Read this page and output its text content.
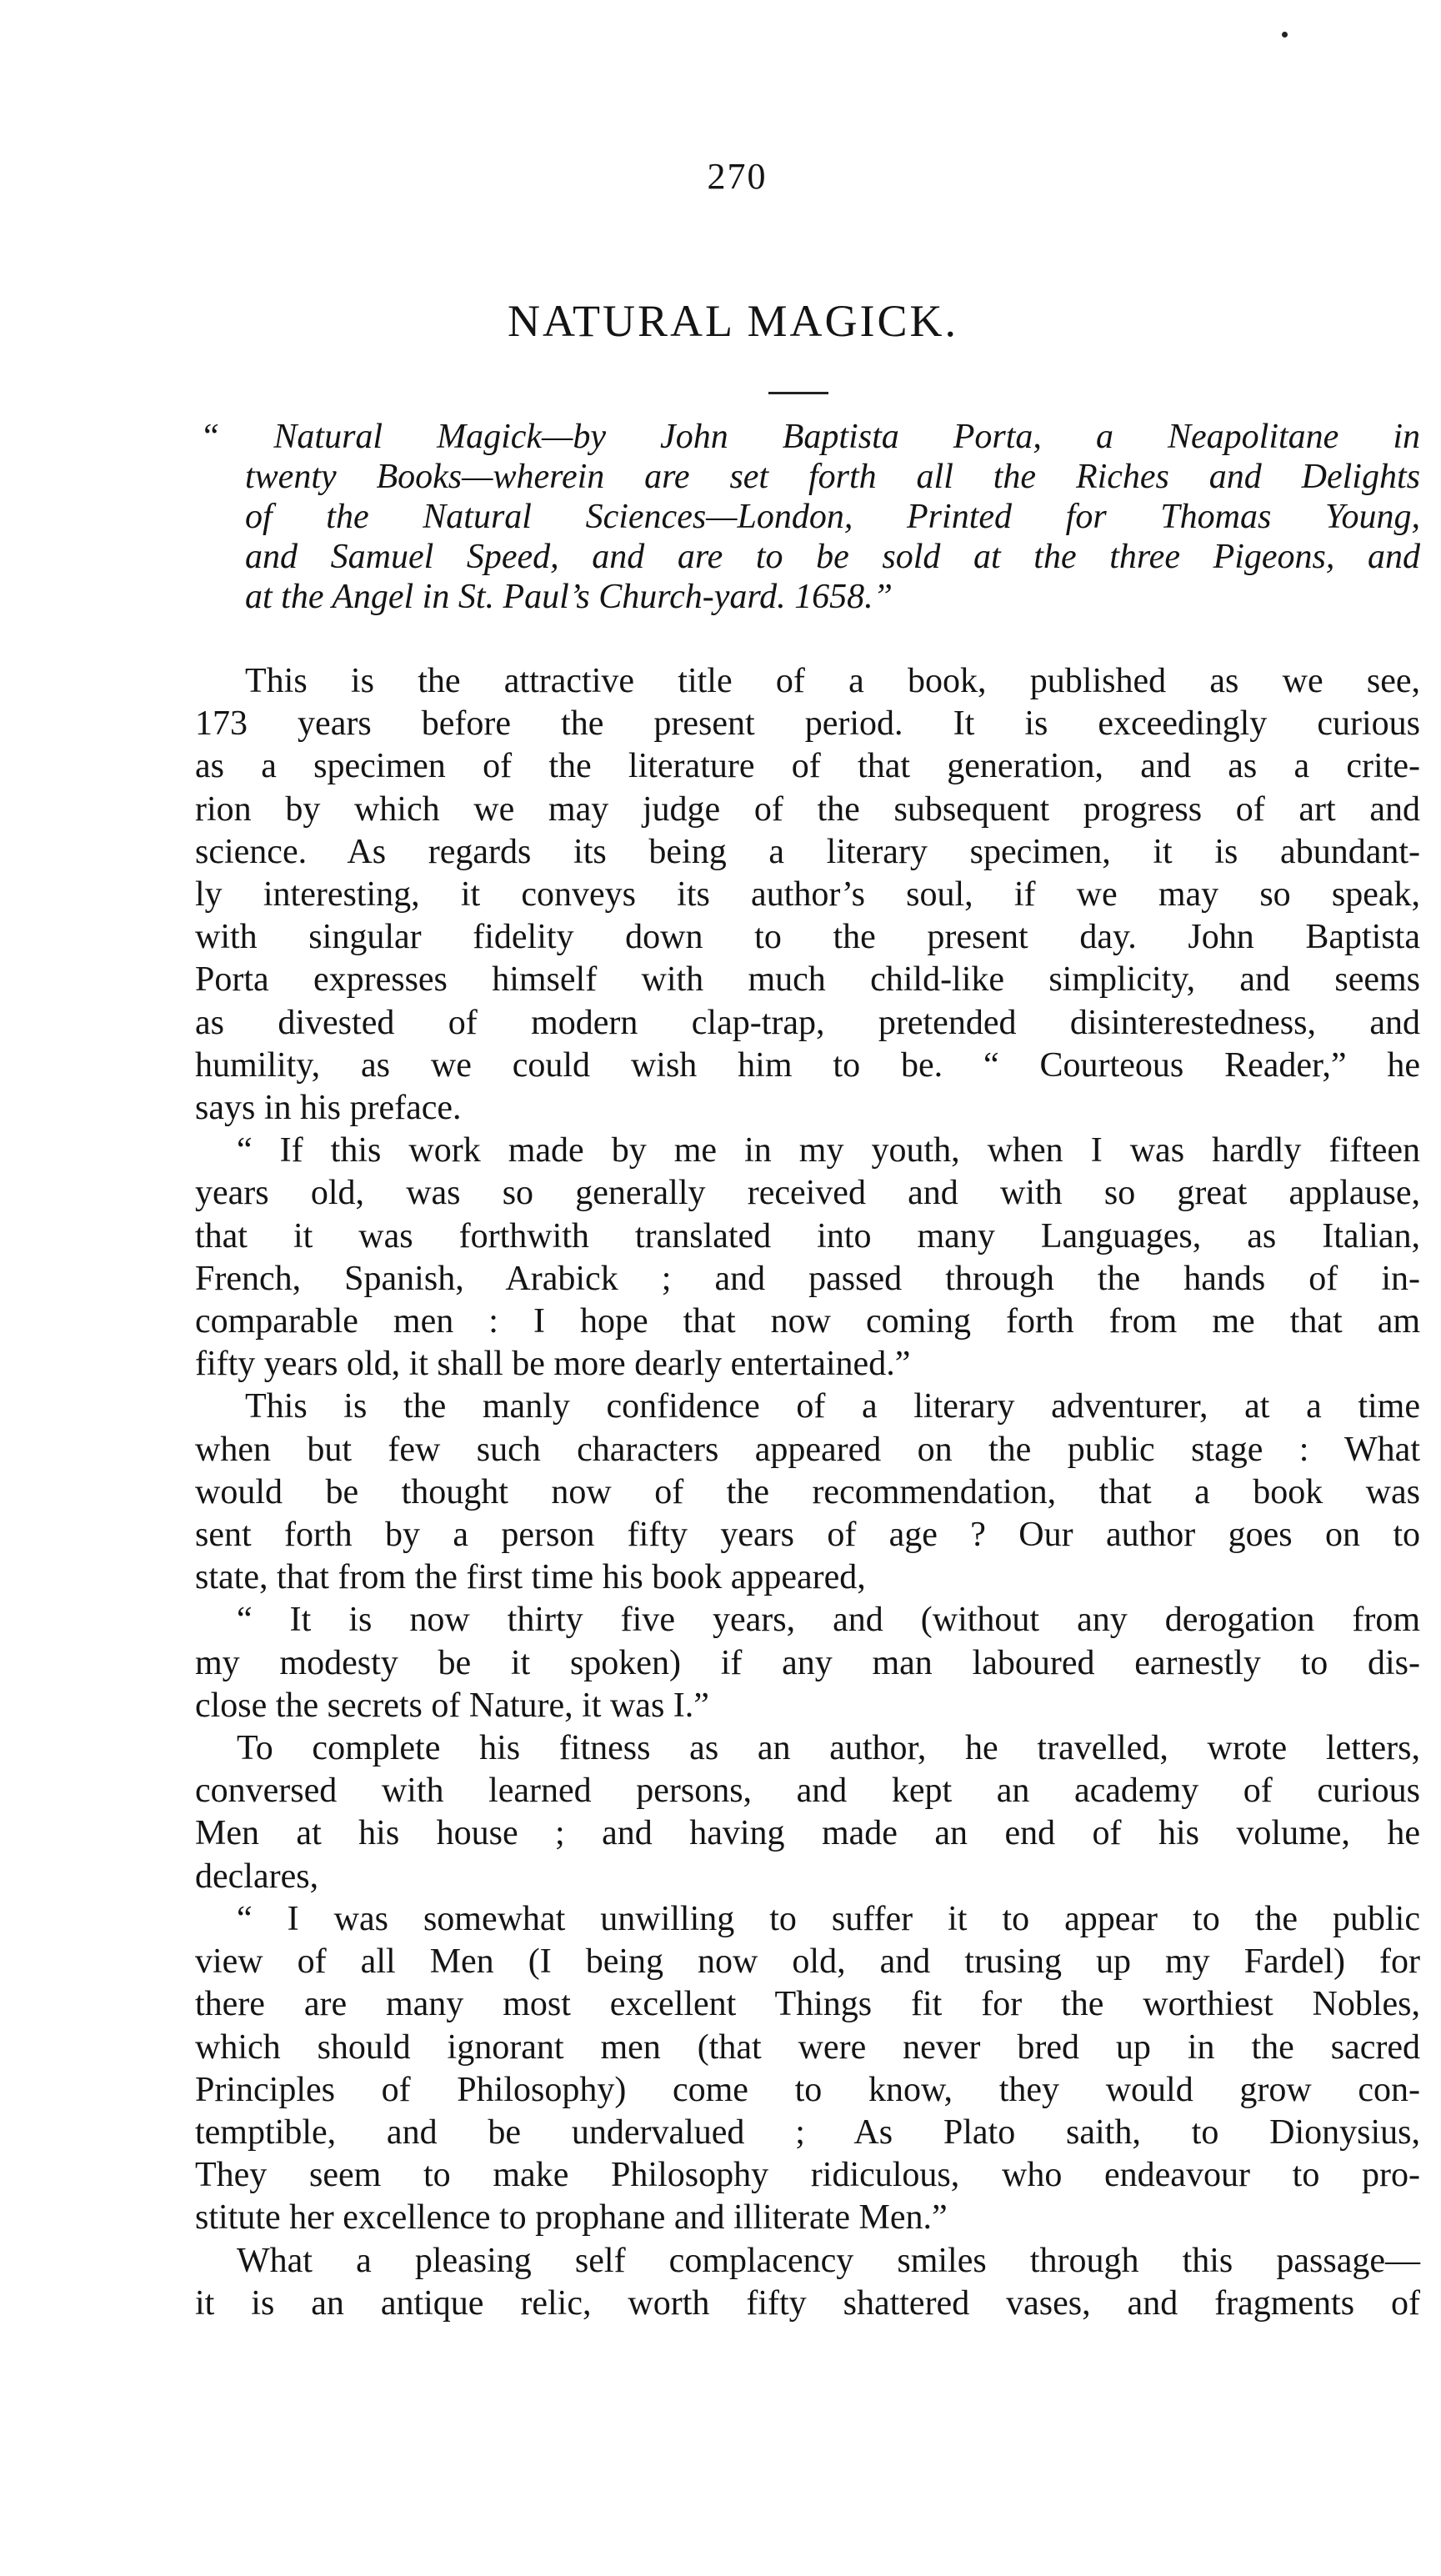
270
NATURAL MAGICK.
“ Natural Magick—by John Baptista Porta, a Neapolitane in
twenty Books—wherein are set forth all the Riches and Delights
of the Natural Sciences—London, Printed for Thomas Young,
and Samuel Speed, and are to be sold at the three Pigeons, and
at the Angel in St. Paul’s Church-yard. 1658.”
This is the attractive title of a book, published as we see,
173 years before the present period. It is exceedingly curious
as a specimen of the literature of that generation, and as a crite-
rion by which we may judge of the subsequent progress of art and
science. As regards its being a literary specimen, it is abundant-
ly interesting, it conveys its author’s soul, if we may so speak,
with singular fidelity down to the present day. John Baptista
Porta expresses himself with much child-like simplicity, and seems
as divested of modern clap-trap, pretended disinterestedness, and
humility, as we could wish him to be. “ Courteous Reader,” he
says in his preface.
“ If this work made by me in my youth, when I was hardly fifteen
years old, was so generally received and with so great applause,
that it was forthwith translated into many Languages, as Italian,
French, Spanish, Arabick ; and passed through the hands of in-
comparable men : I hope that now coming forth from me that am
fifty years old, it shall be more dearly entertained.”
This is the manly confidence of a literary adventurer, at a time
when but few such characters appeared on the public stage : What
would be thought now of the recommendation, that a book was
sent forth by a person fifty years of age ? Our author goes on to
state, that from the first time his book appeared,
“ It is now thirty five years, and (without any derogation from
my modesty be it spoken) if any man laboured earnestly to dis-
close the secrets of Nature, it was I.”
To complete his fitness as an author, he travelled, wrote letters,
conversed with learned persons, and kept an academy of curious
Men at his house ; and having made an end of his volume, he
declares,
“ I was somewhat unwilling to suffer it to appear to the public
view of all Men (I being now old, and trusing up my Fardel) for
there are many most excellent Things fit for the worthiest Nobles,
which should ignorant men (that were never bred up in the sacred
Principles of Philosophy) come to know, they would grow con-
temptible, and be undervalued ; As Plato saith, to Dionysius,
They seem to make Philosophy ridiculous, who endeavour to pro-
stitute her excellence to prophane and illiterate Men.”
What a pleasing self complacency smiles through this passage—
it is an antique relic, worth fifty shattered vases, and fragments of
